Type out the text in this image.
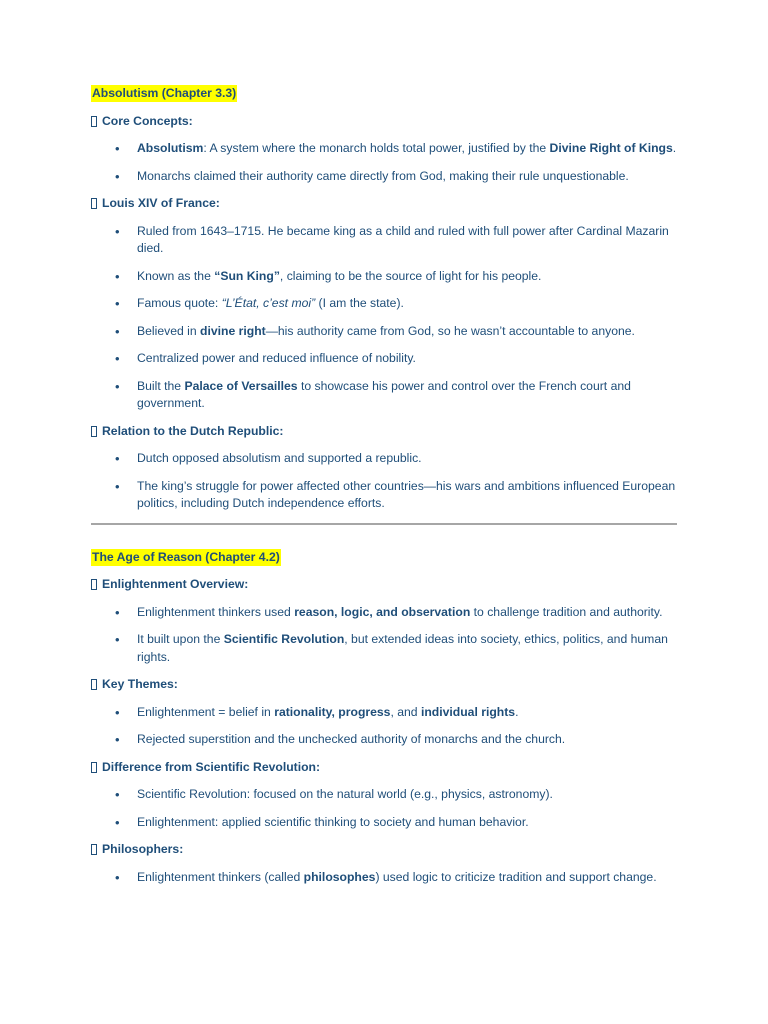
Absolutism (Chapter 3.3)
Core Concepts:
• Absolutism: A system where the monarch holds total power, justified by the Divine Right of Kings.
• Monarchs claimed their authority came directly from God, making their rule unquestionable.
Louis XIV of France:
• Ruled from 1643–1715. He became king as a child and ruled with full power after Cardinal Mazarin died.
• Known as the “Sun King”, claiming to be the source of light for his people.
• Famous quote: “L’État, c’est moi” (I am the state).
• Believed in divine right—his authority came from God, so he wasn’t accountable to anyone.
• Centralized power and reduced influence of nobility.
• Built the Palace of Versailles to showcase his power and control over the French court and government.
Relation to the Dutch Republic:
• Dutch opposed absolutism and supported a republic.
• The king’s struggle for power affected other countries—his wars and ambitions influenced European politics, including Dutch independence efforts.
The Age of Reason (Chapter 4.2)
Enlightenment Overview:
• Enlightenment thinkers used reason, logic, and observation to challenge tradition and authority.
• It built upon the Scientific Revolution, but extended ideas into society, ethics, politics, and human rights.
Key Themes:
• Enlightenment = belief in rationality, progress, and individual rights.
• Rejected superstition and the unchecked authority of monarchs and the church.
Difference from Scientific Revolution:
• Scientific Revolution: focused on the natural world (e.g., physics, astronomy).
• Enlightenment: applied scientific thinking to society and human behavior.
Philosophers:
• Enlightenment thinkers (called philosophes) used logic to criticize tradition and support change.
